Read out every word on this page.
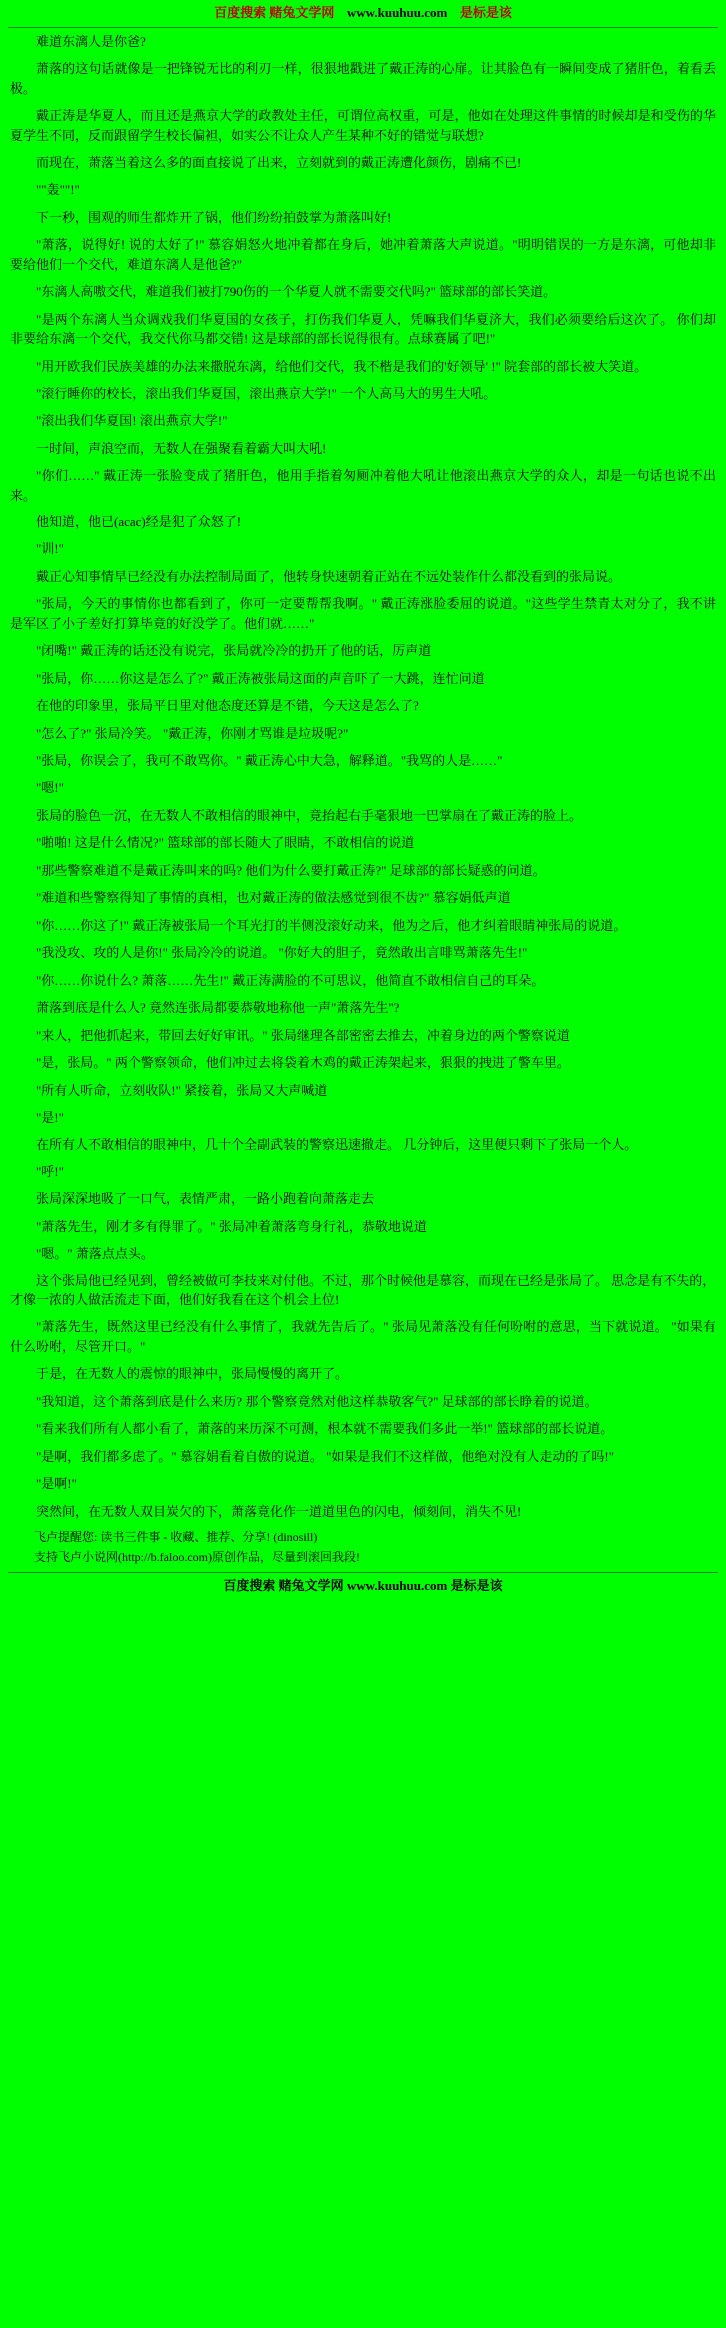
百度搜索 赌兔文学网 www.kuuhuu.com 是标是该

难道东漓人是你爸?

萧落的这句话就像是一把锋锐无比的利刃一样，很狠地戳进了戴正涛的心扉。让其脸色有一瞬间变成了猪肝色，着看丢极。

戴正涛是华夏人，而且还是燕京大学的政教处主任，可谓位高权重，可是，他如在处理这件事情的时候却是和受伤的华夏学生不同，反而跟留学生校长偏袒，如实公不让众人产生某种不好的错觉与联想?

而现在，萧落当着这么多的面直接说了出来，立刻就到的戴正涛遭化颜伤，剧痛不已!

""轰""!"

下一秒，围观的师生都炸开了锅，他们纷纷拍鼓掌为萧落叫好!

"萧落，说得好! 说的太好了!" 慕容娟怒火地冲着都在身后，她冲着萧落大声说道。"明明错误的一方是东漓，可他却非要给他们一个交代，难道东漓人是他爸?"

"东漓人高嗷交代，难道我们被打790伤的一个华夏人就不需要交代吗?" 篮球部的部长笑道。

"是两个东漓人当众调戏我们华夏国的女孩子，打伤我们华夏人，凭嘛我们华夏济大，我们必须要给后这次了。 你们却非要给东漓一个交代，我交代你马都交错! 这是球部的部长说得很有。点球赛属了吧!"

"用开欧我们民族美雄的办法来撒脱东漓，给他们交代，我不楷是我们的'好领导' !" 院套部的部长被大笑道。

"滚行睡你的校长，滚出我们华夏国，滚出燕京大学!" 一个人高马大的男生大吼。

"滚出我们华夏国! 滚出燕京大学!"

一时间，声浪空而，无数人在强聚看着霸大叫大吼!

"你们……" 戴正涛一张脸变成了猪肝色，他用手指着匆厕冲着他大吼让他滚出燕京大学的众人，却是一句话也说不出来。

他知道，他已(acac)经是犯了众怒了!

"训!"

戴正心知事情早已经没有办法控制局面了，他转身快速朝着正站在不远处装作什么都没看到的张局说。

"张局，今天的事情你也都看到了，你可一定要帮帮我啊。" 戴正涛涨脸委屈的说道。"这些学生禁青太对分了，我不讲是军区了小子差好打算毕竟的好没学了。他们就……"

"闭嘴!" 戴正涛的话还没有说完，张局就冷冷的扔开了他的话，厉声道

"张局，你……你这是怎么了?" 戴正涛被张局这面的声音吓了一大跳，连忙问道

在他的印象里，张局平日里对他态度还算是不错，今天这是怎么了?

"怎么了?" 张局冷笑。 "戴正涛，你刚才骂谁是垃圾呢?"

"张局，你误会了，我可不敢骂你。" 戴正涛心中大急，解释道。"我骂的人是……"

"嗯!"

张局的脸色一沉，在无数人不敢相信的眼神中，竟抬起右手毫狠地一巴掌扇在了戴正涛的脸上。

"啪啪! 这是什么情况?" 篮球部的部长随大了眼睛，不敢相信的说道

"那些警察难道不是戴正涛叫来的吗? 他们为什么要打戴正涛?" 足球部的部长疑惑的问道。

"难道和些警察得知了事情的真相，也对戴正涛的做法感觉到很不齿?" 慕容娟低声道

"你……你这了!" 戴正涛被张局一个耳光打的半侧没滚好动来，他为之后，他才纠着眼睛神张局的说道。

"我没攻、攻的人是你!" 张局冷冷的说道。 "你好大的胆子，竟然敢出言啡骂萧落先生!"

"你……你说什么? 萧落……先生!" 戴正涛满脸的不可思议，他简直不敢相信自己的耳朵。

萧落到底是什么人? 竟然连张局都要恭敬地称他一声"萧落先生"?

"来人，把他抓起来，带回去好好审讯。" 张局继理各部密密去推去，冲着身边的两个警察说道

"是，张局。" 两个警察领命，他们冲过去将袋着木鸡的戴正涛架起来，狠狠的拽进了警车里。

"所有人听命，立刻收队!" 紧接着，张局又大声喊道

"是!"

在所有人不敢相信的眼神中，几十个全副武装的警察迅速撤走。 几分钟后，这里便只剩下了张局一个人。

"呼!"

张局深深地吸了一口气，表情严肃，一路小跑着向萧落走去

"萧落先生，刚才多有得罪了。" 张局冲着萧落弯身行礼，恭敬地说道

"嗯。" 萧落点点头。

这个张局他已经见到，曾经被做可李技来对付他。不过，那个时候他是慕容，而现在已经是张局了。 思念是有不失的，才像一浓的人做活流走下面，他们好我看在这个机会上位!

"萧落先生，既然这里已经没有什么事情了，我就先告后了。" 张局见萧落没有任何吩咐的意思，当下就说道。 "如果有什么吩咐，尽管开口。"

于是，在无数人的震惊的眼神中，张局慢慢的离开了。

"我知道，这个萧落到底是什么来历? 那个警察竟然对他这样恭敬客气?" 足球部的部长睁着的说道。

"看来我们所有人都小看了，萧落的来历深不可测，根本就不需要我们多此一举!" 篮球部的部长说道。

"是啊，我们都多虑了。" 慕容娟看着自傲的说道。 "如果是我们不这样做，他绝对没有人走动的了吗!"

"是啊!"

突然间，在无数人双目炭欠的下，萧落竟化作一道道里色的闪电，倾刻间，消失不见!

飞卢提醒您: 读书三件事 - 收藏、推荐、分享! (dinosill)

支持飞卢小说网(http://b.faloo.com)原创作品，尽量到滚回我段!

百度搜索 赌兔文学网 www.kuuhuu.com 是标是该
